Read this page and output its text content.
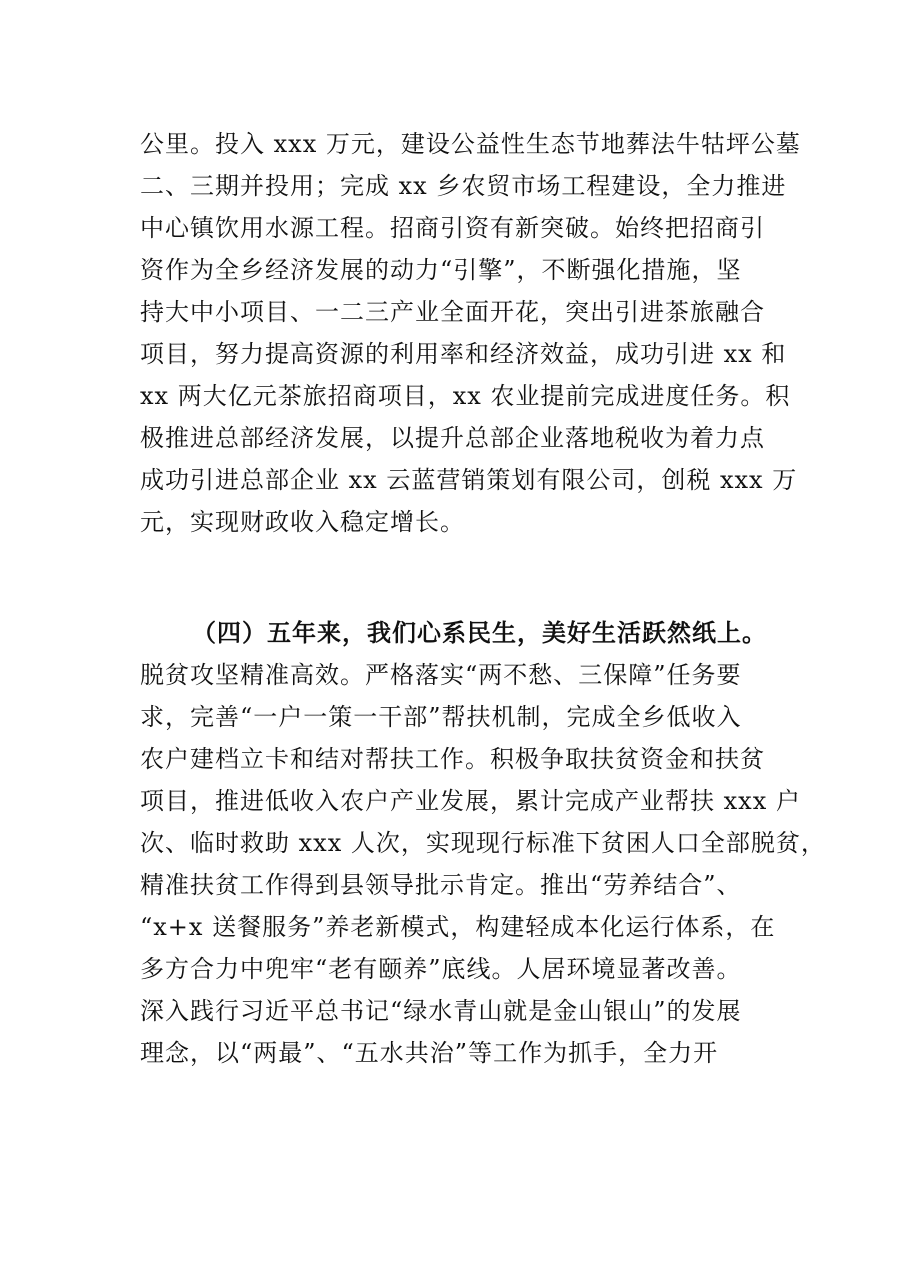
公里。投入 xxx 万元，建设公益性生态节地葬法牛牯坪公墓
二、三期并投用；完成 xx 乡农贸市场工程建设，全力推进
中心镇饮用水源工程。招商引资有新突破。始终把招商引
资作为全乡经济发展的动力“引擎”，不断强化措施，坚
持大中小项目、一二三产业全面开花，突出引进茶旅融合
项目，努力提高资源的利用率和经济效益，成功引进 xx 和
xx 两大亿元茶旅招商项目，xx 农业提前完成进度任务。积
极推进总部经济发展，以提升总部企业落地税收为着力点
成功引进总部企业 xx 云蓝营销策划有限公司，创税 xxx 万
元，实现财政收入稳定增长。
（四）五年来，我们心系民生，美好生活跃然纸上。
脱贫攻坚精准高效。严格落实“两不愁、三保障”任务要
求，完善“一户一策一干部”帮扶机制，完成全乡低收入
农户建档立卡和结对帮扶工作。积极争取扶贫资金和扶贫
项目，推进低收入农户产业发展，累计完成产业帮扶 xxx 户
次、临时救助 xxx 人次，实现现行标准下贫困人口全部脱贫，
精准扶贫工作得到县领导批示肯定。推出“劳养结合”、
“x+x 送餐服务”养老新模式，构建轻成本化运行体系，在
多方合力中兜牢“老有颐养”底线。人居环境显著改善。
深入践行习近平总书记“绿水青山就是金山银山”的发展
理念，以“两最”、“五水共治”等工作为抓手，全力开
